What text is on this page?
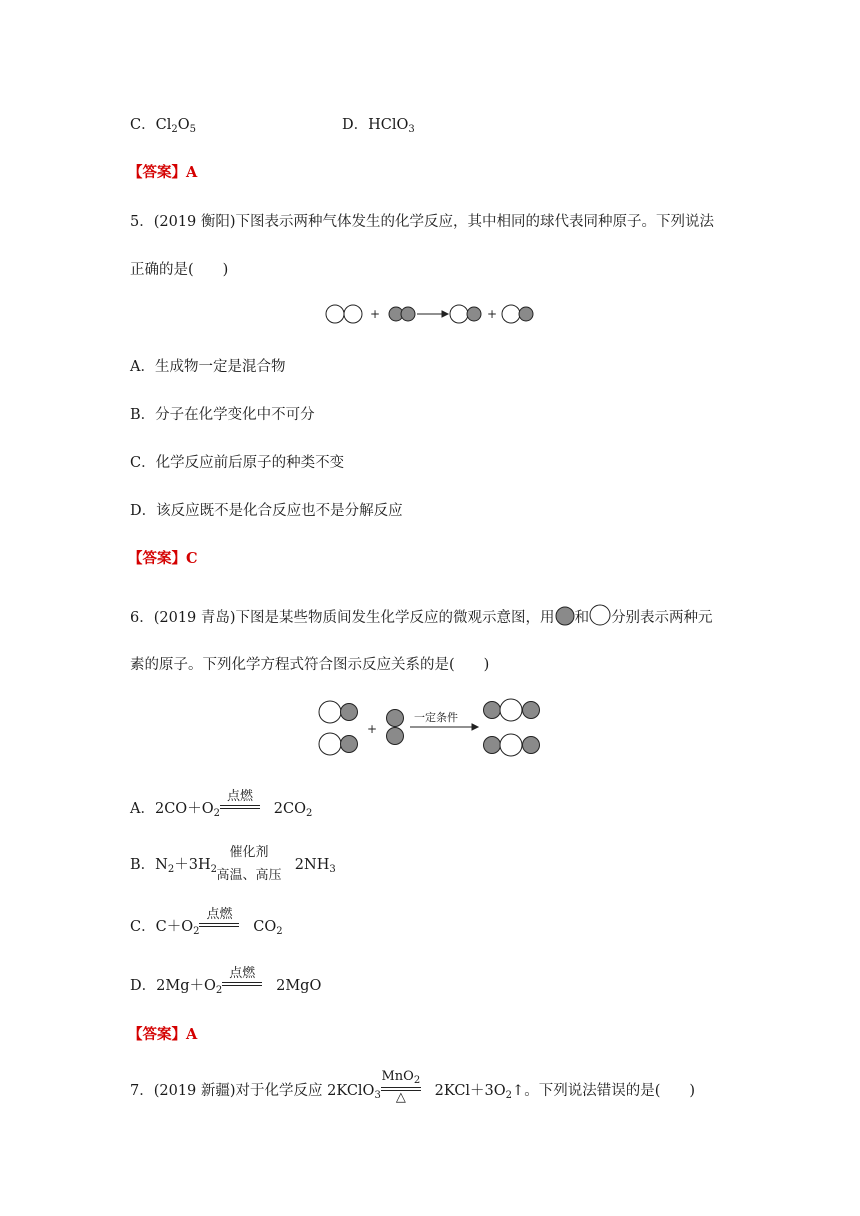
C．$Cl_2O_5$	D．HClO$_3$
【答案】A
5．(2019 衡阳)下图表示两种气体发生的化学反应，其中相同的球代表同种原子。下列说法
正确的是(　　)
+	+
A．生成物一定是混合物
B．分子在化学变化中不可分
C．化学反应前后原子的种类不变
D．该反应既不是化合反应也不是分解反应
【答案】C
6．(2019 青岛)下图是某些物质间发生化学反应的微观示意图，用 和 分别表示两种元
素的原子。下列化学方程式符合图示反应关系的是(　　)
+
一定条件
A．$2CO+O_2$
点燃
$2CO_2$
B．$N_2+3H_2$
催化剂
高温、高压
$2NH_3$
C．$C+O_2$
点燃
$CO_2$
D．$2Mg+O_2$
点燃
2MgO
【答案】A
7．(2019 新疆)对于化学反应 2KClO$_3$
MnO$_2$
△ $2KCl+3O_2↑$。下列说法错误的是(　　)
